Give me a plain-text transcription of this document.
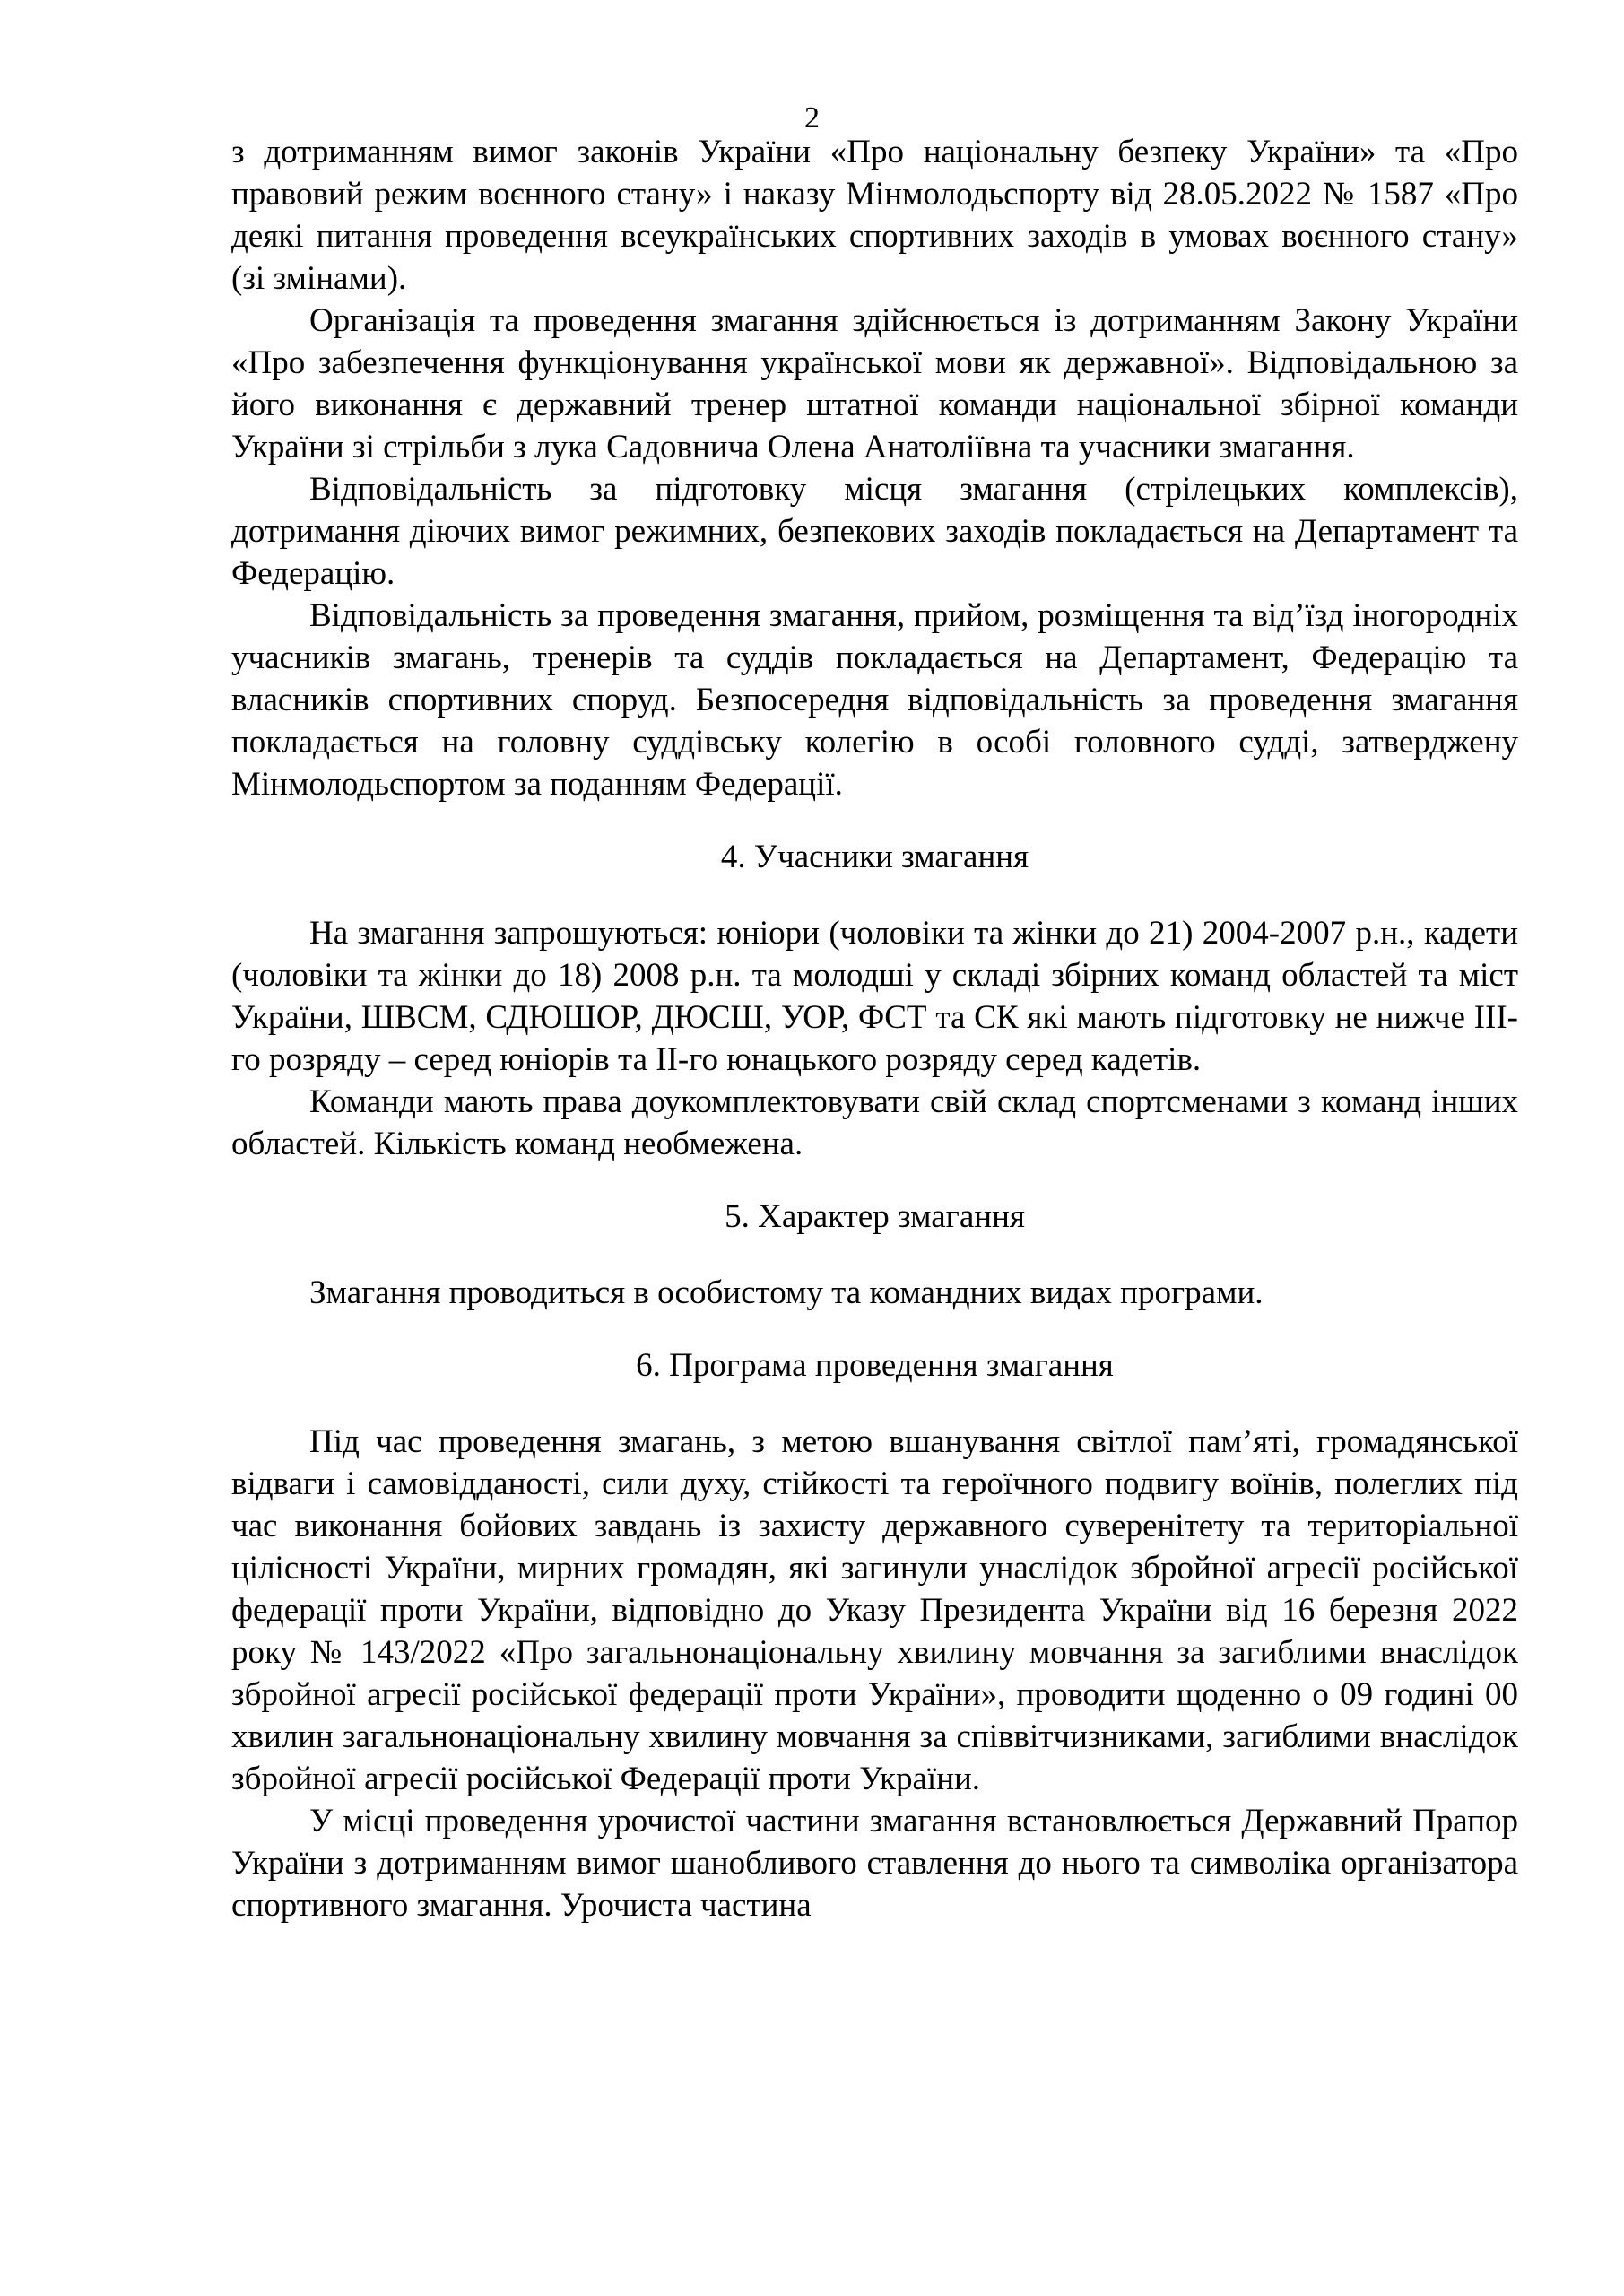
2

з дотриманням вимог законів України «Про національну безпеку України» та «Про правовий режим воєнного стану» і наказу Мінмолодьспорту від 28.05.2022 № 1587 «Про деякі питання проведення всеукраїнських спортивних заходів в умовах воєнного стану» (зі змінами).

Організація та проведення змагання здійснюється із дотриманням Закону України «Про забезпечення функціонування української мови як державної». Відповідальною за його виконання є державний тренер штатної команди національної збірної команди України зі стрільби з лука Садовнича Олена Анатоліївна та учасники змагання.

Відповідальність за підготовку місця змагання (стрілецьких комплексів), дотримання діючих вимог режимних, безпекових заходів покладається на Департамент та Федерацію.

Відповідальність за проведення змагання, прийом, розміщення та від’їзд іногородніх учасників змагань, тренерів та суддів покладається на Департамент, Федерацію та власників спортивних споруд. Безпосередня відповідальність за проведення змагання покладається на головну суддівську колегію в особі головного судді, затверджену Мінмолодьспортом за поданням Федерації.

4. Учасники змагання

На змагання запрошуються: юніори (чоловіки та жінки до 21) 2004-2007 р.н., кадети (чоловіки та жінки до 18) 2008 р.н. та молодші у складі збірних команд областей та міст України, ШВСМ, СДЮШОР, ДЮСШ, УОР, ФСТ та СК які мають підготовку не нижче ІІІ-го розряду – серед юніорів та ІІ-го юнацького розряду серед кадетів.

Команди мають права доукомплектовувати свій склад спортсменами з команд інших областей. Кількість команд необмежена.

5. Характер змагання

Змагання проводиться в особистому та командних видах програми.

6. Програма проведення змагання

Під час проведення змагань, з метою вшанування світлої пам’яті, громадянської відваги і самовідданості, сили духу, стійкості та героїчного подвигу воїнів, полеглих під час виконання бойових завдань із захисту державного суверенітету та територіальної цілісності України, мирних громадян, які загинули унаслідок збройної агресії російської федерації проти України, відповідно до Указу Президента України від 16 березня 2022 року № 143/2022 «Про загальнонаціональну хвилину мовчання за загиблими внаслідок збройної агресії російської федерації проти України», проводити щоденно о 09 годині 00 хвилин загальнонаціональну хвилину мовчання за співвітчизниками, загиблими внаслідок збройної агресії російської Федерації проти України.

У місці проведення урочистої частини змагання встановлюється Державний Прапор України з дотриманням вимог шанобливого ставлення до нього та символіка організатора спортивного змагання. Урочиста частина
